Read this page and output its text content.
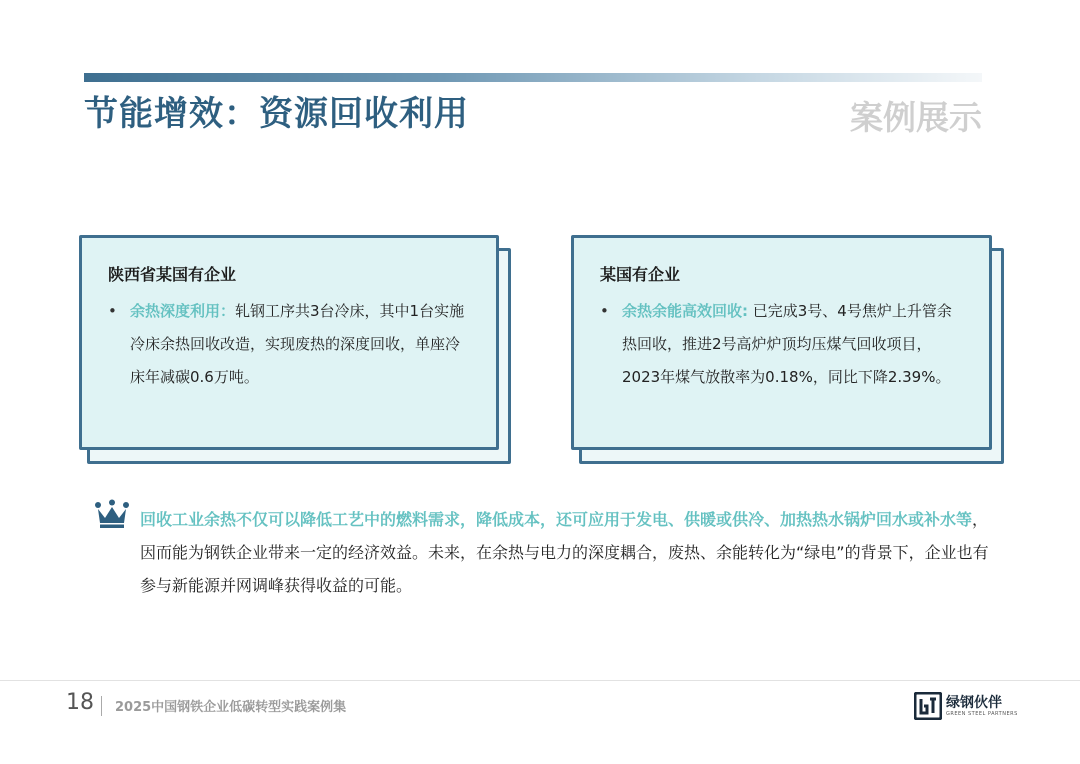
节能增效：资源回收利用	案例展示
陕西省某国有企业
• 余热深度利用：轧钢工序共3台冷床，其中1台实施冷床余热回收改造，实现废热的深度回收，单座冷床年减碳0.6万吨。
某国有企业
• 余热余能高效回收: 已完成3号、4号焦炉上升管余热回收，推进2号高炉炉顶均压煤气回收项目，2023年煤气放散率为0.18%，同比下降2.39%。
回收工业余热不仅可以降低工艺中的燃料需求，降低成本，还可应用于发电、供暖或供冷、加热热水锅炉回水或补水等，因而能为钢铁企业带来一定的经济效益。未来，在余热与电力的深度耦合，废热、余能转化为“绿电”的背景下，企业也有参与新能源并网调峰获得收益的可能。
18 2025中国钢铁企业低碳转型实践案例集	绿钢伙伴
GREEN STEEL PARTNERS
